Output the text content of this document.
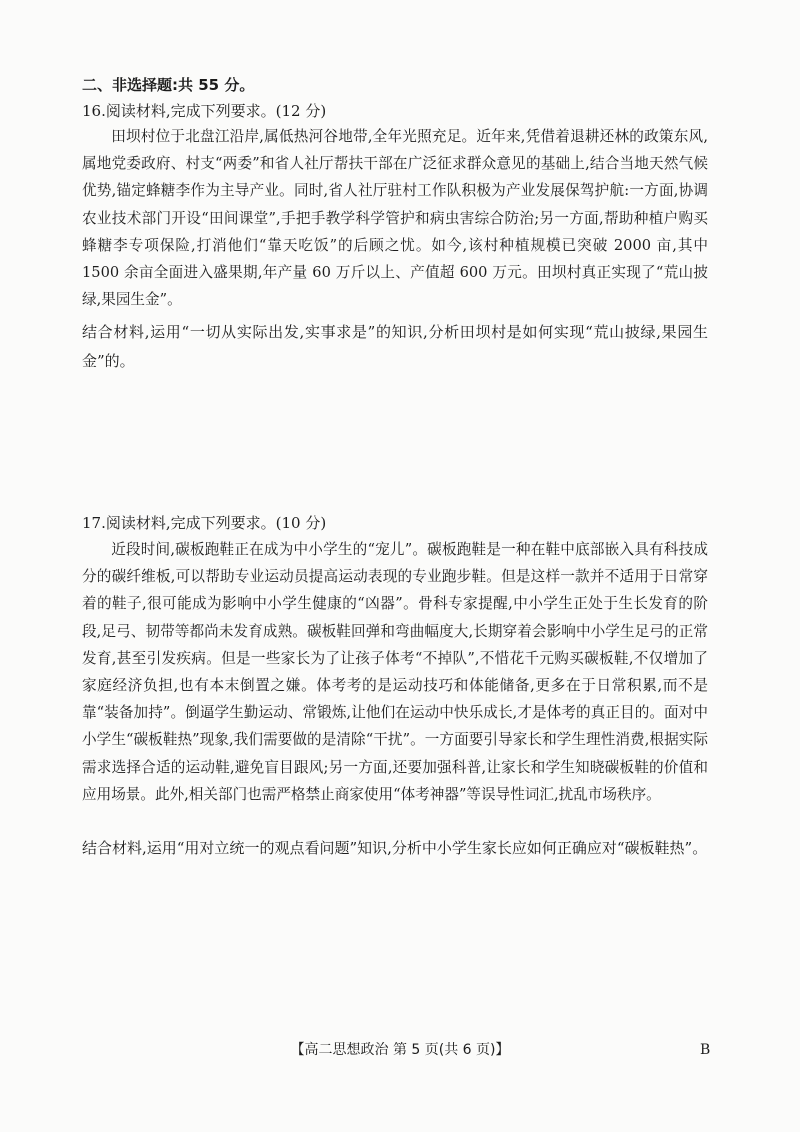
二、非选择题:共 55 分。
16.阅读材料,完成下列要求。(12 分)
田坝村位于北盘江沿岸,属低热河谷地带,全年光照充足。近年来,凭借着退耕还林的政策东风,属地党委政府、村支“两委”和省人社厅帮扶干部在广泛征求群众意见的基础上,结合当地天然气候优势,锚定蜂糖李作为主导产业。同时,省人社厅驻村工作队积极为产业发展保驾护航:一方面,协调农业技术部门开设“田间课堂”,手把手教学科学管护和病虫害综合防治;另一方面,帮助种植户购买蜂糖李专项保险,打消他们“靠天吃饭”的后顾之忧。如今,该村种植规模已突破 2000 亩,其中 1500 余亩全面进入盛果期,年产量 60 万斤以上、产值超 600 万元。田坝村真正实现了“荒山披绿,果园生金”。
结合材料,运用“一切从实际出发,实事求是”的知识,分析田坝村是如何实现“荒山披绿,果园生金”的。
17.阅读材料,完成下列要求。(10 分)
近段时间,碳板跑鞋正在成为中小学生的“宠儿”。碳板跑鞋是一种在鞋中底部嵌入具有科技成分的碳纤维板,可以帮助专业运动员提高运动表现的专业跑步鞋。但是这样一款并不适用于日常穿着的鞋子,很可能成为影响中小学生健康的“凶器”。骨科专家提醒,中小学生正处于生长发育的阶段,足弓、韧带等都尚未发育成熟。碳板鞋回弹和弯曲幅度大,长期穿着会影响中小学生足弓的正常发育,甚至引发疾病。但是一些家长为了让孩子体考“不掉队”,不惜花千元购买碳板鞋,不仅增加了家庭经济负担,也有本末倒置之嫌。体考考的是运动技巧和体能储备,更多在于日常积累,而不是靠“装备加持”。倒逼学生勤运动、常锻炼,让他们在运动中快乐成长,才是体考的真正目的。面对中小学生“碳板鞋热”现象,我们需要做的是清除“干扰”。一方面要引导家长和学生理性消费,根据实际需求选择合适的运动鞋,避免盲目跟风;另一方面,还要加强科普,让家长和学生知晓碳板鞋的价值和应用场景。此外,相关部门也需严格禁止商家使用“体考神器”等误导性词汇,扰乱市场秩序。
结合材料,运用“用对立统一的观点看问题”知识,分析中小学生家长应如何正确应对“碳板鞋热”。
【高二思想政治 第 5 页(共 6 页)】	B
